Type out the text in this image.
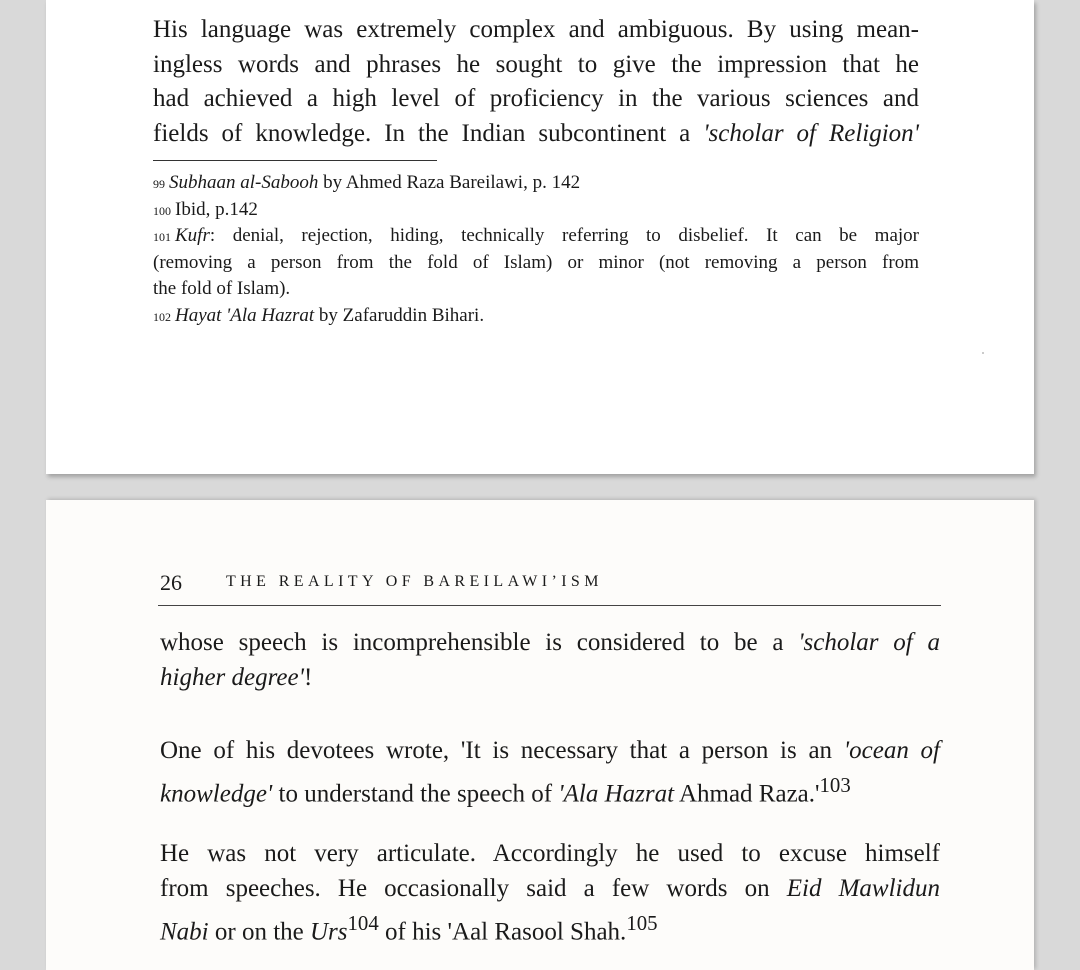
His language was extremely complex and ambiguous. By using mean-
ingless words and phrases he sought to give the impression that he
had achieved a high level of proficiency in the various sciences and
fields of knowledge. In the Indian subcontinent a 'scholar of Religion'

$^{99}$ Subhaan al-Sabooh by Ahmed Raza Bareilawi, p. 142

$^{100}$ Ibid, p.142

$^{101}$ Kufr: denial, rejection, hiding, technically referring to disbelief. It can be major
(removing a person from the fold of Islam) or minor (not removing a person from
the fold of Islam).

$^{102}$ Hayat 'Ala Hazrat by Zafaruddin Bihari.

26	THE REALITY OF BAREILAWI’ISM
whose speech is incomprehensible is considered to be a 'scholar of a
higher degree'!
One of his devotees wrote, 'It is necessary that a person is an 'ocean of
knowledge' to understand the speech of 'Ala Hazrat Ahmad $Raza.'^{103}$
He was not very articulate. Accordingly he used to excuse himself
from speeches. He occasionally said a few words on Eid Mawlidun
Nabi or on the Urs$^{104}$ of his 'Aal Rasool Shah.$^{105}$
